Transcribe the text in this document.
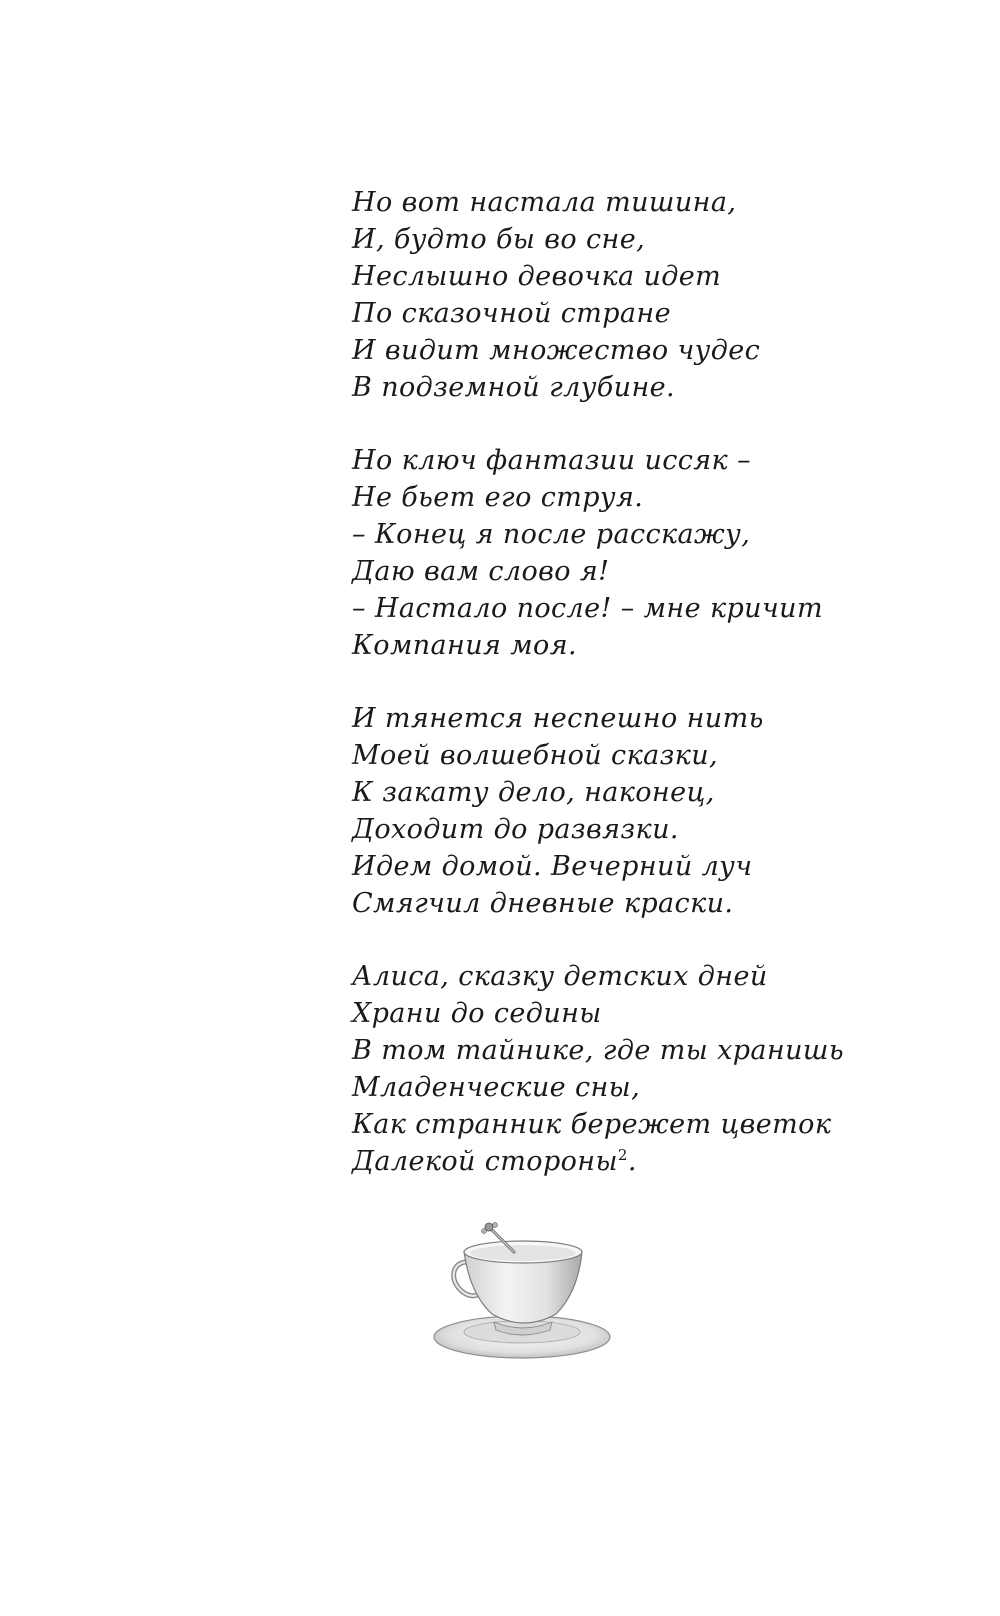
Но вот настала тишина,
И, будто бы во сне,
Неслышно девочка идет
По сказочной стране
И видит множество чудес
В подземной глубине.
Но ключ фантазии иссяк –
Не бьет его струя.
– Конец я после расскажу,
Даю вам слово я!
– Настало после! – мне кричит
Компания моя.
И тянется неспешно нить
Моей волшебной сказки,
К закату дело, наконец,
Доходит до развязки.
Идем домой. Вечерний луч
Смягчил дневные краски.
Алиса, сказку детских дней
Храни до седины
В том тайнике, где ты хранишь
Младенческие сны,
Как странник бережет цветок
Далекой стороны$^2$.
